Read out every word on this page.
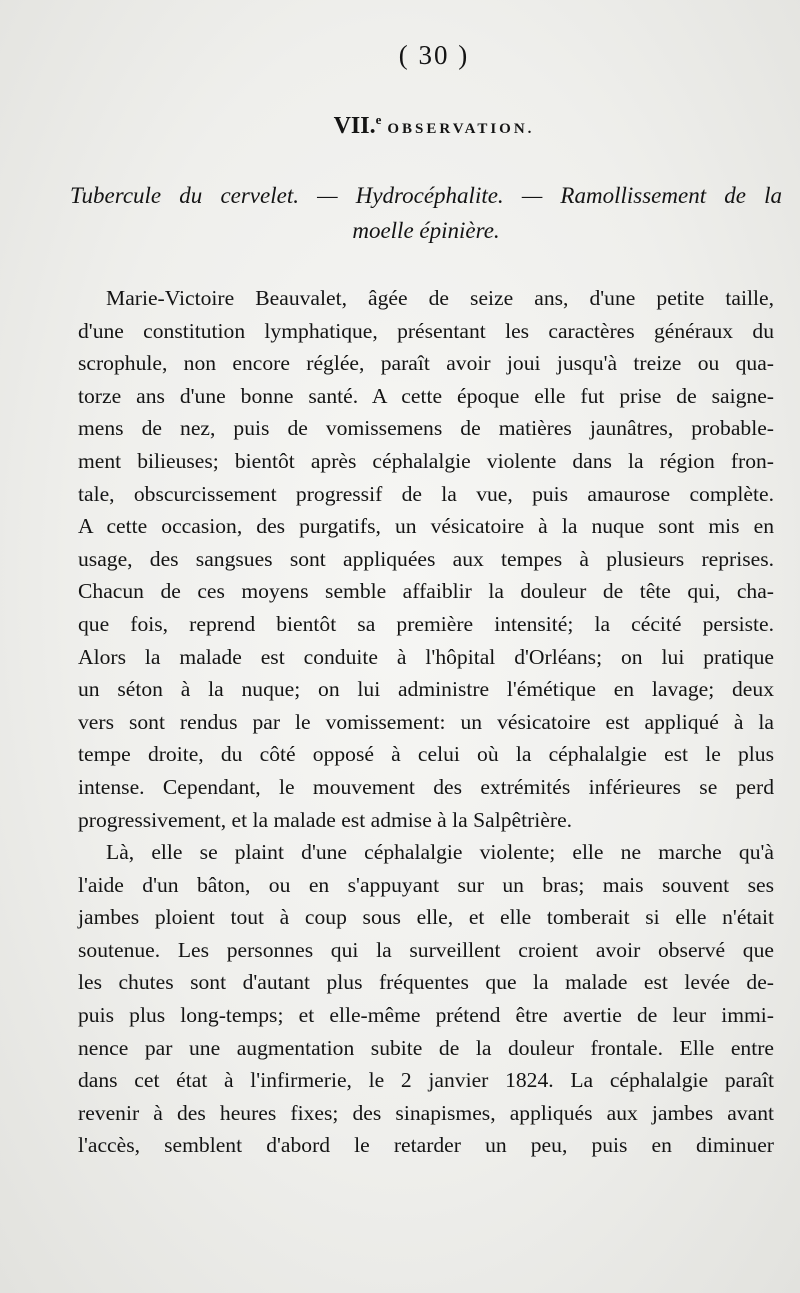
( 30 )
VII.$^e$ OBSERVATION.
Tubercule du cervelet. — Hydrocéphalite. — Ramollissement de la
moelle épinière.
Marie-Victoire Beauvalet, âgée de seize ans, d'une petite taille,
d'une constitution lymphatique, présentant les caractères généraux du
scrophule, non encore réglée, paraît avoir joui jusqu'à treize ou qua-
torze ans d'une bonne santé. A cette époque elle fut prise de saigne-
mens de nez, puis de vomissemens de matières jaunâtres, probable-
ment bilieuses; bientôt après céphalalgie violente dans la région fron-
tale, obscurcissement progressif de la vue, puis amaurose complète.
A cette occasion, des purgatifs, un vésicatoire à la nuque sont mis en
usage, des sangsues sont appliquées aux tempes à plusieurs reprises.
Chacun de ces moyens semble affaiblir la douleur de tête qui, cha-
que fois, reprend bientôt sa première intensité; la cécité persiste.
Alors la malade est conduite à l'hôpital d'Orléans; on lui pratique
un séton à la nuque; on lui administre l'émétique en lavage; deux
vers sont rendus par le vomissement: un vésicatoire est appliqué à la
tempe droite, du côté opposé à celui où la céphalalgie est le plus
intense. Cependant, le mouvement des extrémités inférieures se perd
progressivement, et la malade est admise à la Salpêtrière.
Là, elle se plaint d'une céphalalgie violente; elle ne marche qu'à
l'aide d'un bâton, ou en s'appuyant sur un bras; mais souvent ses
jambes ploient tout à coup sous elle, et elle tomberait si elle n'était
soutenue. Les personnes qui la surveillent croient avoir observé que
les chutes sont d'autant plus fréquentes que la malade est levée de-
puis plus long-temps; et elle-même prétend être avertie de leur immi-
nence par une augmentation subite de la douleur frontale. Elle entre
dans cet état à l'infirmerie, le 2 janvier 1824. La céphalalgie paraît
revenir à des heures fixes; des sinapismes, appliqués aux jambes avant
l'accès, semblent d'abord le retarder un peu, puis en diminuer
